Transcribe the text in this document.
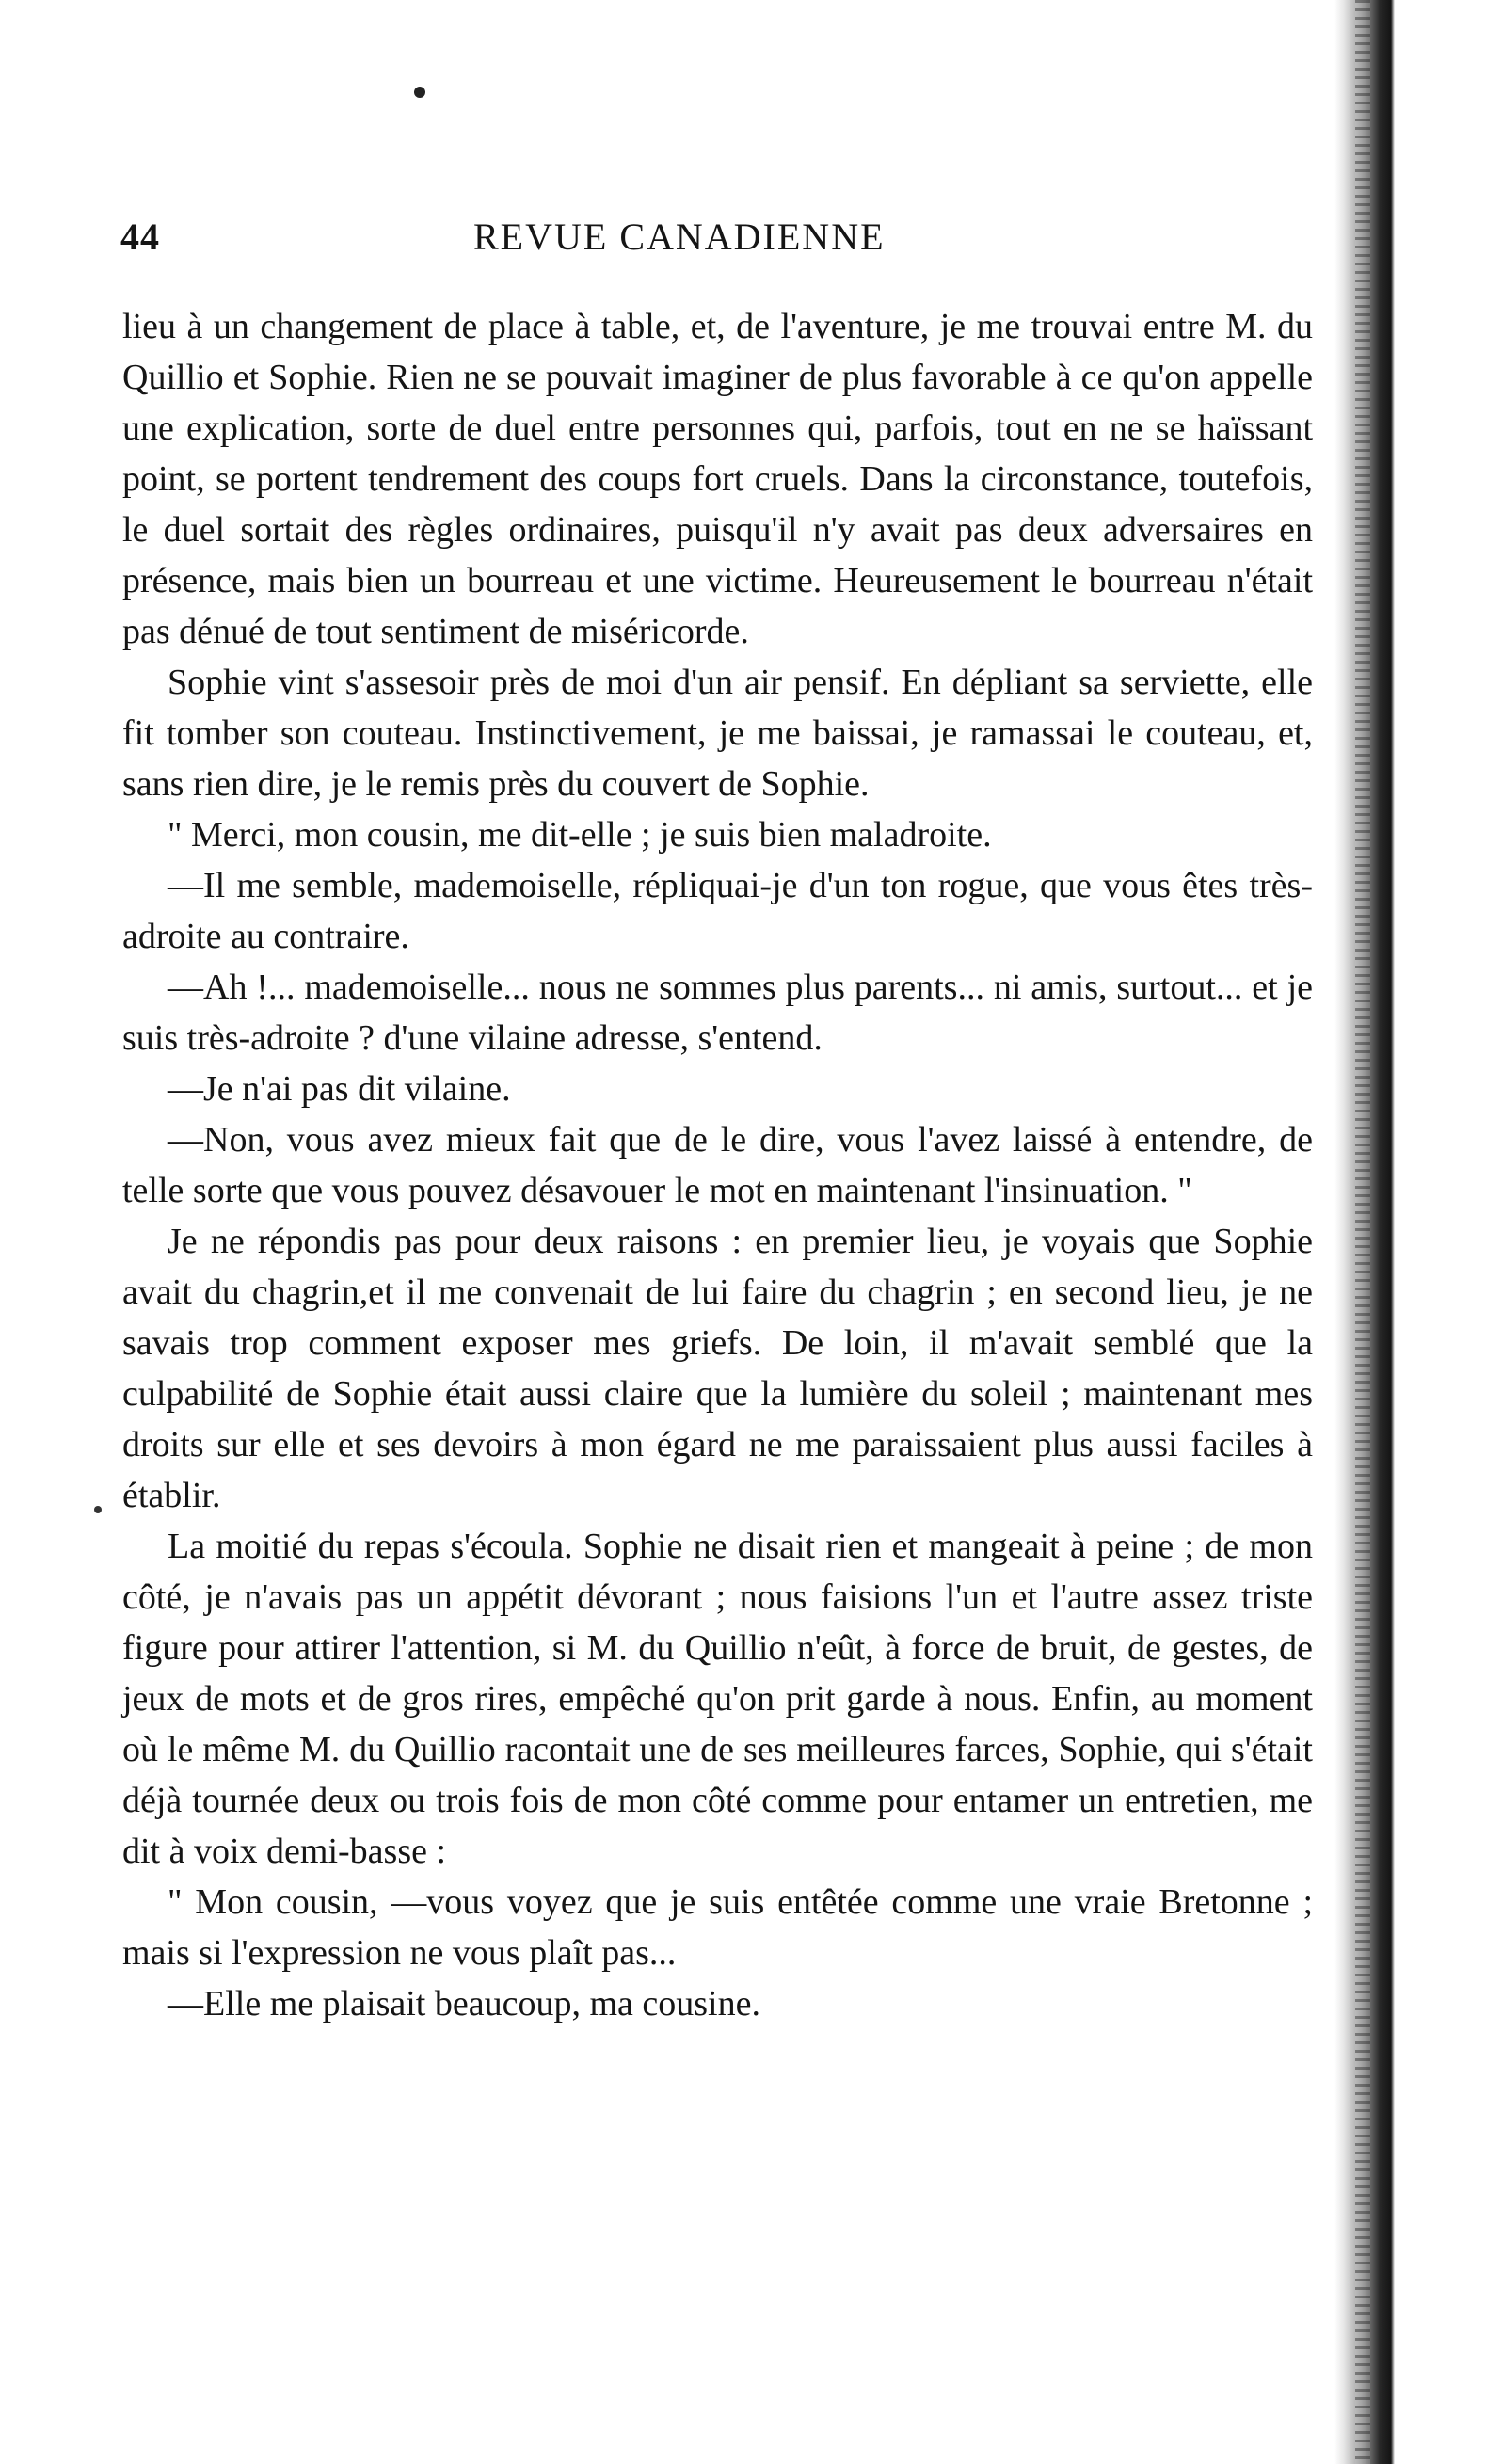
44	REVUE CANADIENNE

lieu à un changement de place à table, et, de l'aventure, je me trouvai entre M. du Quillio et Sophie. Rien ne se pouvait imaginer de plus favorable à ce qu'on appelle une explication, sorte de duel entre personnes qui, parfois, tout en ne se haïssant point, se portent tendrement des coups fort cruels. Dans la circonstance, toutefois, le duel sortait des règles ordinaires, puisqu'il n'y avait pas deux adversaires en présence, mais bien un bourreau et une victime. Heureusement le bourreau n'était pas dénué de tout sentiment de miséricorde.

Sophie vint s'assesoir près de moi d'un air pensif. En dépliant sa serviette, elle fit tomber son couteau. Instinctivement, je me baissai, je ramassai le couteau, et, sans rien dire, je le remis près du couvert de Sophie.

" Merci, mon cousin, me dit-elle ; je suis bien maladroite.

—Il me semble, mademoiselle, répliquai-je d'un ton rogue, que vous êtes très-adroite au contraire.

—Ah !... mademoiselle... nous ne sommes plus parents... ni amis, surtout... et je suis très-adroite ? d'une vilaine adresse, s'entend.

—Je n'ai pas dit vilaine.

—Non, vous avez mieux fait que de le dire, vous l'avez laissé à entendre, de telle sorte que vous pouvez désavouer le mot en maintenant l'insinuation. "

Je ne répondis pas pour deux raisons : en premier lieu, je voyais que Sophie avait du chagrin,et il me convenait de lui faire du chagrin ; en second lieu, je ne savais trop comment exposer mes griefs. De loin, il m'avait semblé que la culpabilité de Sophie était aussi claire que la lumière du soleil ; maintenant mes droits sur elle et ses devoirs à mon égard ne me paraissaient plus aussi faciles à établir.

La moitié du repas s'écoula. Sophie ne disait rien et mangeait à peine ; de mon côté, je n'avais pas un appétit dévorant ; nous faisions l'un et l'autre assez triste figure pour attirer l'attention, si M. du Quillio n'eût, à force de bruit, de gestes, de jeux de mots et de gros rires, empêché qu'on prit garde à nous. Enfin, au moment où le même M. du Quillio racontait une de ses meilleures farces, Sophie, qui s'était déjà tournée deux ou trois fois de mon côté comme pour entamer un entretien, me dit à voix demi-basse :

" Mon cousin, —vous voyez que je suis entêtée comme une vraie Bretonne ; mais si l'expression ne vous plaît pas...

—Elle me plaisait beaucoup, ma cousine.
